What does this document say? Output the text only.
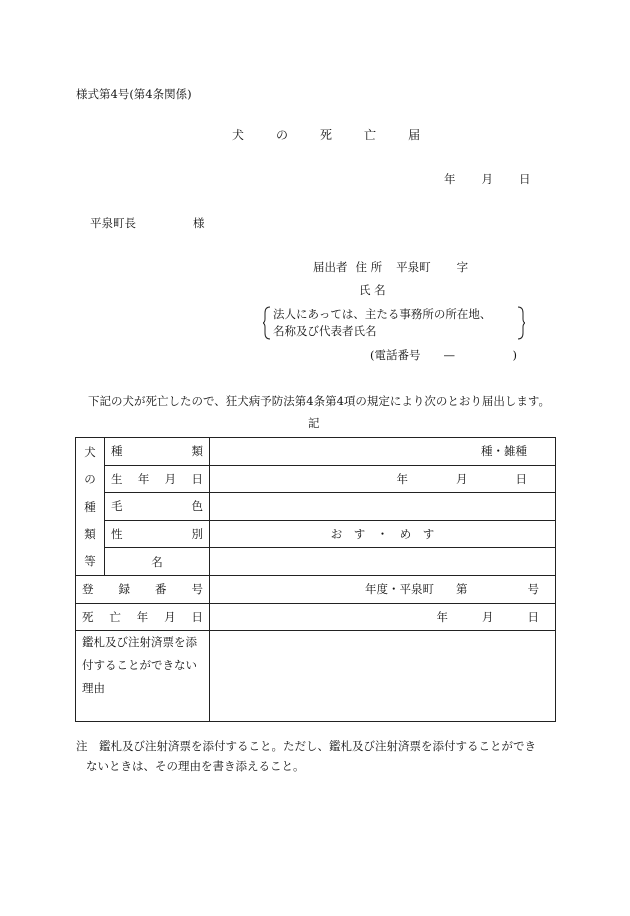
様式第4号(第4条関係)
犬	の	死	亡	届
年 月 日
平泉町長	様
届出者 住 所 平泉町 字
氏 名
法人にあっては、主たる事務所の所在地、
名称及び代表者氏名
(電話番号　　—　　　　　)
下記の犬が死亡したので、狂犬病予防法第4条第4項の規定により次のとおり届出します。
記
犬
の
種
類
等	種 類	種・雑種

	生 年 月 日	年 月 日

	毛 色	

	性 別	お　す　・　め　す

	名	

登 録 番 号		年度・平泉町 第 号

死 亡 年 月 日		年 月 日

鑑札及び注射済票を添付することができない理由		
注　鑑札及び注射済票を添付すること。ただし、鑑札及び注射済票を添付することができ
ないときは、その理由を書き添えること。
